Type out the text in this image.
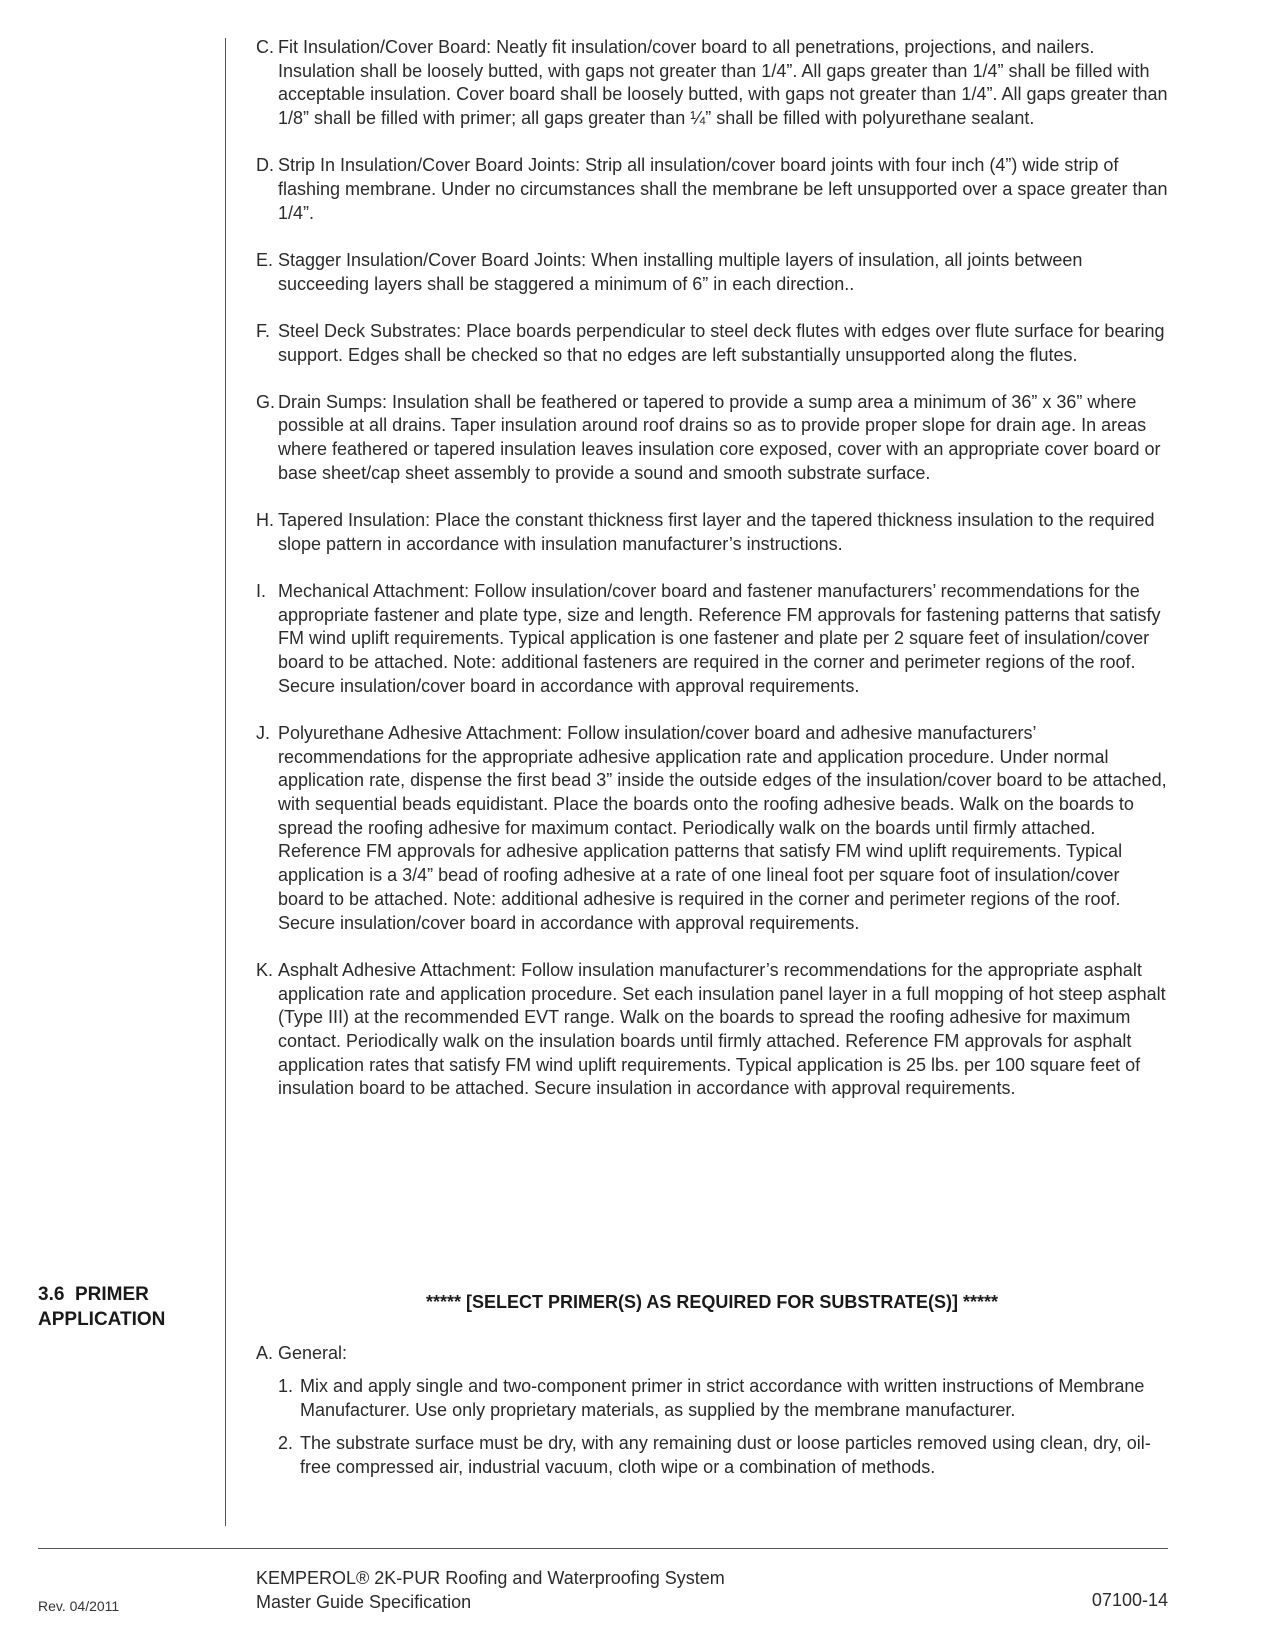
C. Fit Insulation/Cover Board: Neatly fit insulation/cover board to all penetrations, projections, and nailers. Insulation shall be loosely butted, with gaps not greater than 1/4”. All gaps greater than 1/4” shall be filled with acceptable insulation. Cover board shall be loosely butted, with gaps not greater than 1/4”. All gaps greater than 1/8” shall be filled with primer; all gaps greater than ¼” shall be filled with polyurethane sealant.

D. Strip In Insulation/Cover Board Joints: Strip all insulation/cover board joints with four inch (4”) wide strip of flashing membrane. Under no circumstances shall the membrane be left unsupported over a space greater than 1/4”.

E. Stagger Insulation/Cover Board Joints: When installing multiple layers of insulation, all joints between succeeding layers shall be staggered a minimum of 6” in each direction..

F. Steel Deck Substrates: Place boards perpendicular to steel deck flutes with edges over flute surface for bearing support. Edges shall be checked so that no edges are left substantially unsupported along the flutes.

G. Drain Sumps: Insulation shall be feathered or tapered to provide a sump area a minimum of 36” x 36” where possible at all drains. Taper insulation around roof drains so as to provide proper slope for drain age. In areas where feathered or tapered insulation leaves insulation core exposed, cover with an appropriate cover board or base sheet/cap sheet assembly to provide a sound and smooth substrate surface.

H. Tapered Insulation: Place the constant thickness first layer and the tapered thickness insulation to the required slope pattern in accordance with insulation manufacturer’s instructions.

I. Mechanical Attachment: Follow insulation/cover board and fastener manufacturers’ recommendations for the appropriate fastener and plate type, size and length. Reference FM approvals for fastening patterns that satisfy FM wind uplift requirements. Typical application is one fastener and plate per 2 square feet of insulation/cover board to be attached. Note: additional fasteners are required in the corner and perimeter regions of the roof. Secure insulation/cover board in accordance with approval requirements.

J. Polyurethane Adhesive Attachment: Follow insulation/cover board and adhesive manufacturers’ recommendations for the appropriate adhesive application rate and application procedure. Under normal application rate, dispense the first bead 3” inside the outside edges of the insulation/cover board to be attached, with sequential beads equidistant. Place the boards onto the roofing adhesive beads. Walk on the boards to spread the roofing adhesive for maximum contact. Periodically walk on the boards until firmly attached. Reference FM approvals for adhesive application patterns that satisfy FM wind uplift requirements. Typical application is a 3/4” bead of roofing adhesive at a rate of one lineal foot per square foot of insulation/cover board to be attached. Note: additional adhesive is required in the corner and perimeter regions of the roof. Secure insulation/cover board in accordance with approval requirements.

K. Asphalt Adhesive Attachment: Follow insulation manufacturer’s recommendations for the appropriate asphalt application rate and application procedure. Set each insulation panel layer in a full mopping of hot steep asphalt (Type III) at the recommended EVT range. Walk on the boards to spread the roofing adhesive for maximum contact. Periodically walk on the insulation boards until firmly attached. Reference FM approvals for asphalt application rates that satisfy FM wind uplift requirements. Typical application is 25 lbs. per 100 square feet of insulation board to be attached. Secure insulation in accordance with approval requirements.

3.6 PRIMER
APPLICATION
***** [SELECT PRIMER(S) AS REQUIRED FOR SUBSTRATE(S)] *****
A. General:

1. Mix and apply single and two-component primer in strict accordance with written instructions of Membrane Manufacturer. Use only proprietary materials, as supplied by the membrane manufacturer.

2. The substrate surface must be dry, with any remaining dust or loose particles removed using clean, dry, oil-free compressed air, industrial vacuum, cloth wipe or a combination of methods.

Rev. 04/2011
KEMPEROL® 2K-PUR Roofing and Waterproofing System
Master Guide Specification	07100-14
